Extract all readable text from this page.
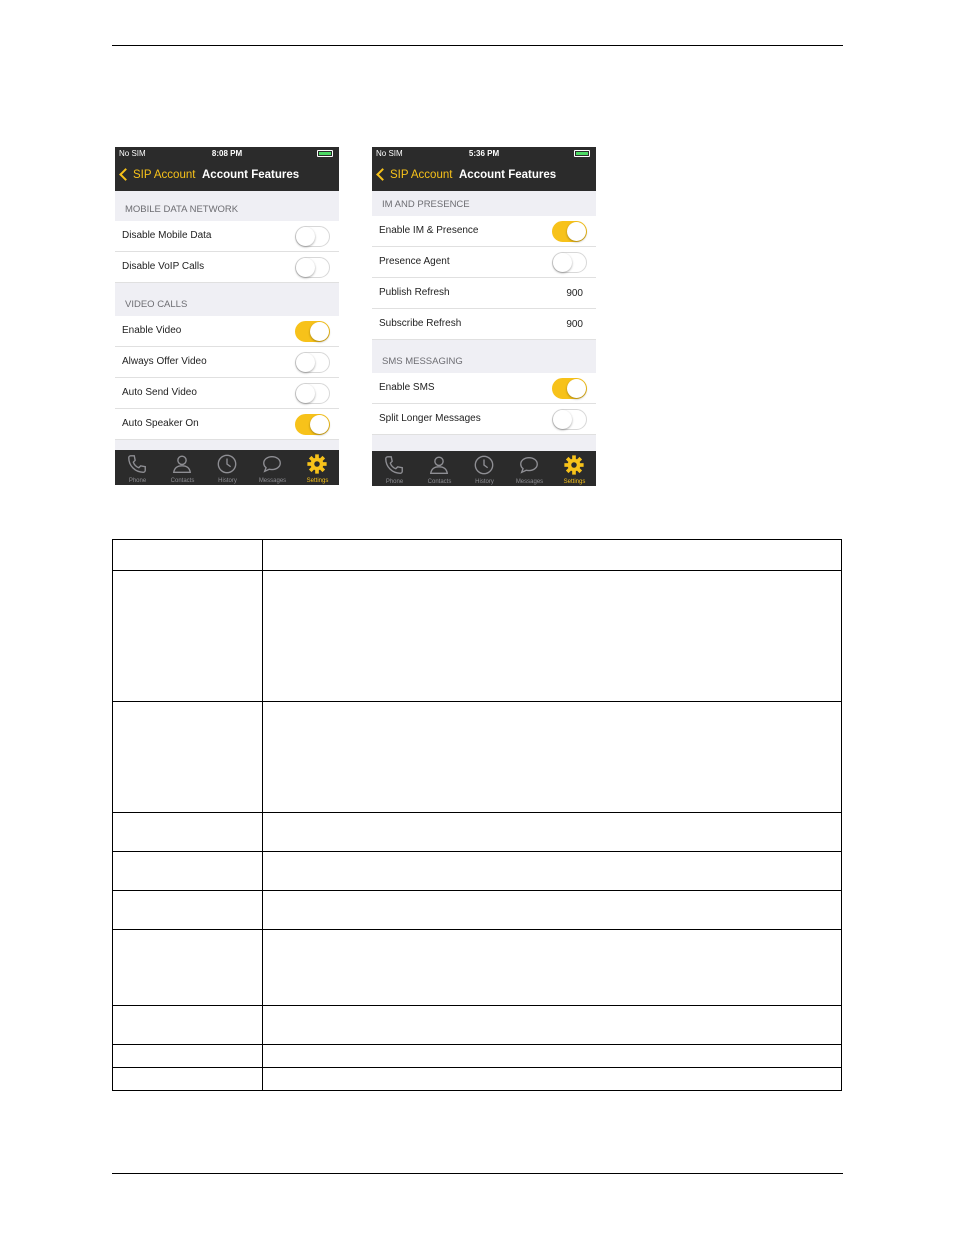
No SIM	8:08 PM
SIP Account Account Features
MOBILE DATA NETWORK
Disable Mobile Data
Disable VoIP Calls
VIDEO CALLS
Enable Video
Always Offer Video
Auto Send Video
Auto Speaker On
Phone	Contacts	History	Messages	Settings
No SIM	5:36 PM
SIP Account Account Features
IM AND PRESENCE
Enable IM & Presence
Presence Agent
Publish Refresh	900
Subscribe Refresh	900
SMS MESSAGING
Enable SMS
Split Longer Messages
Phone	Contacts	History	Messages	Settings
